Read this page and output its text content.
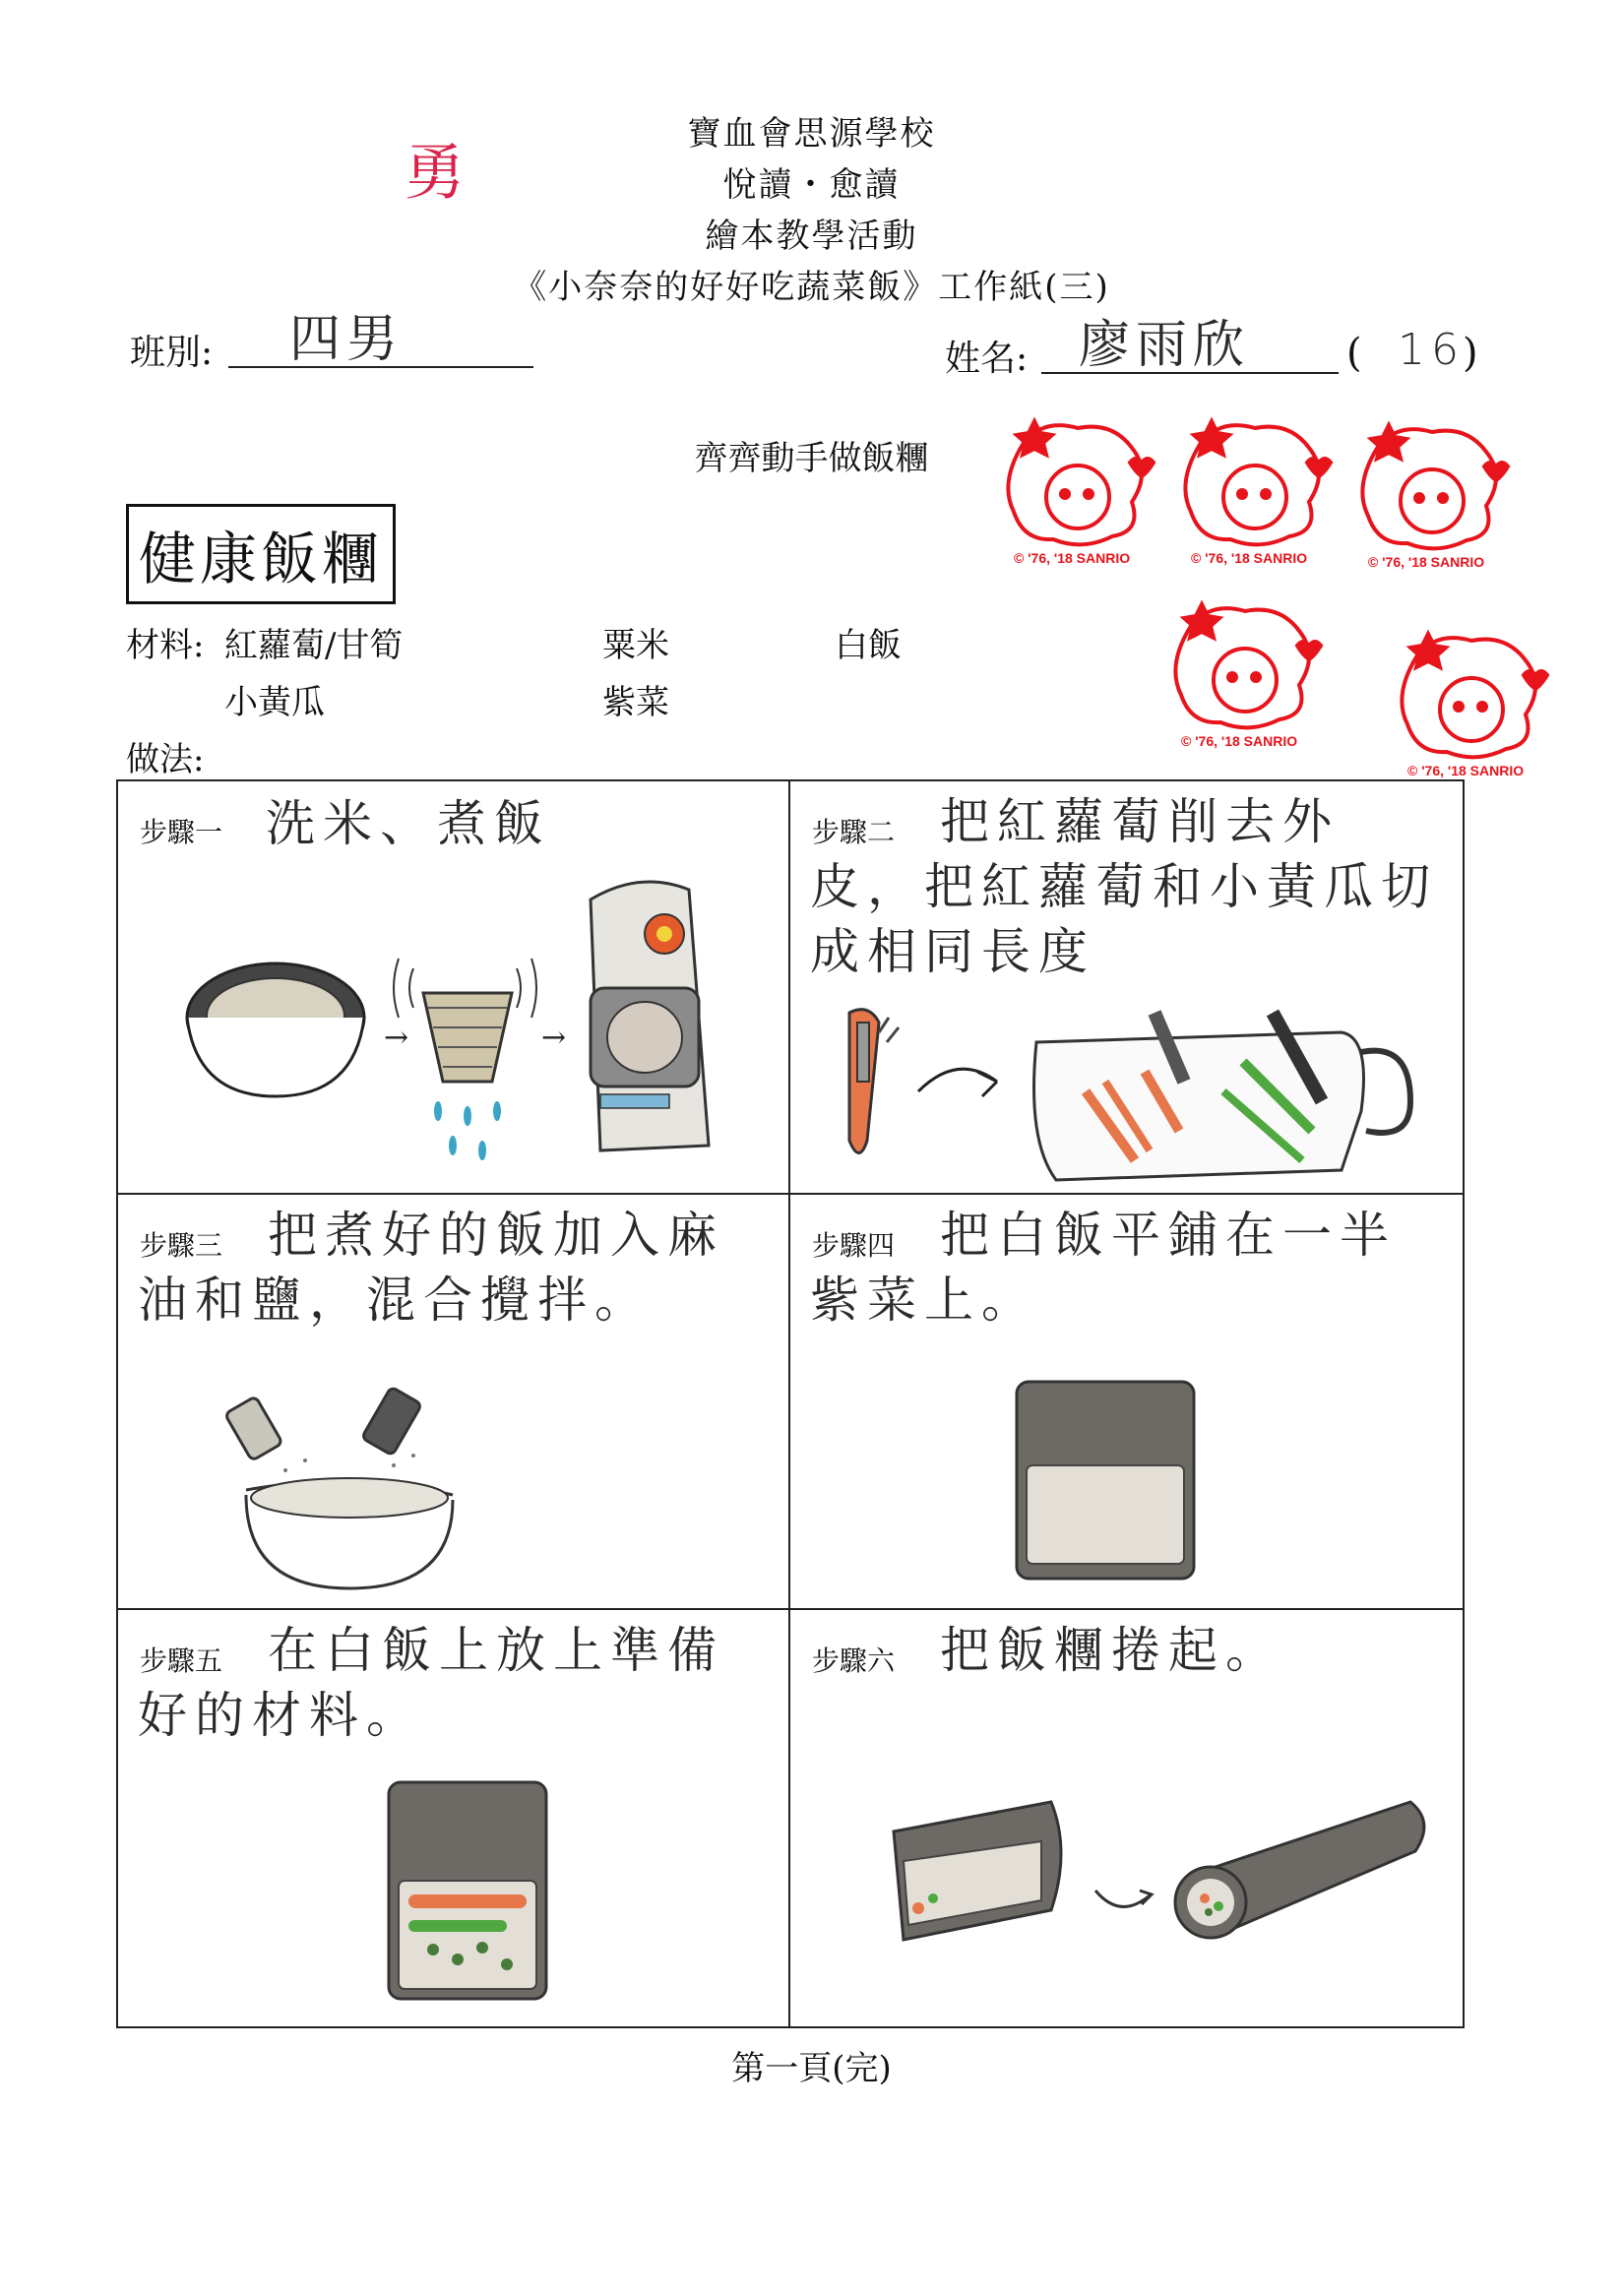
寶血會思源學校
悅讀・愈讀
繪本教學活動
《小奈奈的好好吃蔬菜飯》工作紙(三)
勇
班別: 四男	姓名: 廖雨欣 ( 16
)
齊齊動手做飯糰
健康飯糰
材料: 紅蘿蔔/甘筍	粟米	白飯
小黃瓜	紫菜
做法:
© '76, '18 SANRIO	© '76, '18 SANRIO	© '76, '18 SANRIO
© '76, '18 SANRIO
© '76, '18 SANRIO
步驟一 洗米、煮飯
→	→
步驟二 把紅蘿蔔削去外皮，把紅蘿蔔和小黃瓜切成相同長度
步驟三 把煮好的飯加入麻油和鹽，混合攪拌。
步驟四 把白飯平鋪在一半紫菜上。
步驟五 在白飯上放上準備好的材料。
步驟六 把飯糰捲起。
第一頁(完)
